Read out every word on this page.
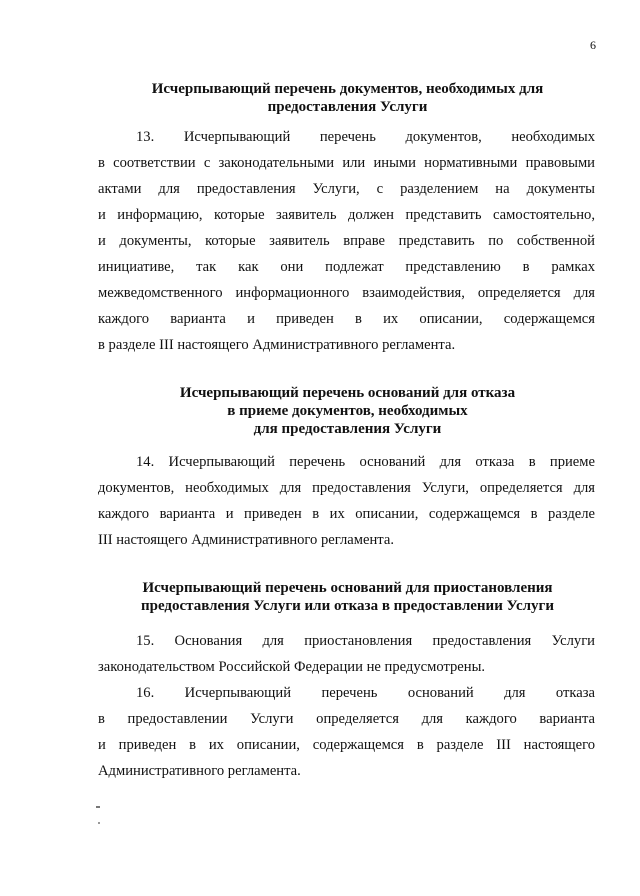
6
Исчерпывающий перечень документов, необходимых для
предоставления Услуги
13. Исчерпывающий перечень документов, необходимых
в соответствии с законодательными или иными нормативными правовыми
актами для предоставления Услуги, с разделением на документы
и информацию, которые заявитель должен представить самостоятельно,
и документы, которые заявитель вправе представить по собственной
инициативе, так как они подлежат представлению в рамках
межведомственного информационного взаимодействия, определяется для
каждого варианта и приведен в их описании, содержащемся
в разделе III настоящего Административного регламента.
Исчерпывающий перечень оснований для отказа
в приеме документов, необходимых
для предоставления Услуги
14. Исчерпывающий перечень оснований для отказа в приеме
документов, необходимых для предоставления Услуги, определяется для
каждого варианта и приведен в их описании, содержащемся в разделе
III настоящего Административного регламента.
Исчерпывающий перечень оснований для приостановления
предоставления Услуги или отказа в предоставлении Услуги
15. Основания для приостановления предоставления Услуги
законодательством Российской Федерации не предусмотрены.
16. Исчерпывающий перечень оснований для отказа
в предоставлении Услуги определяется для каждого варианта
и приведен в их описании, содержащемся в разделе III настоящего
Административного регламента.
